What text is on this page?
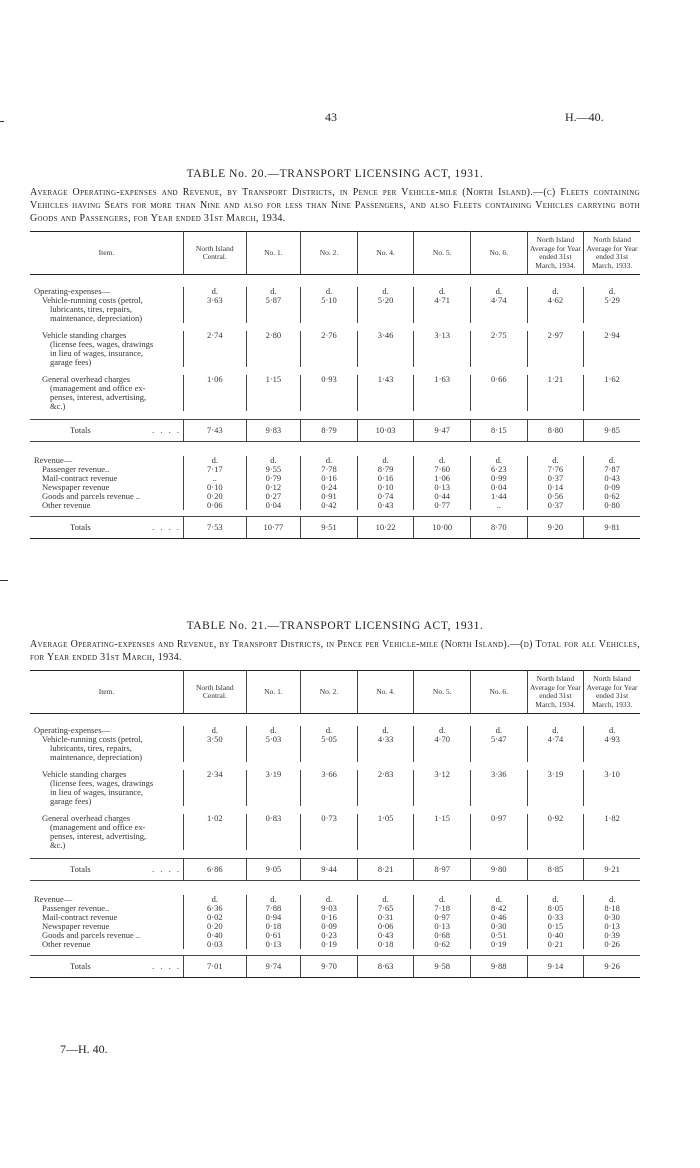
43	H.—40.
TABLE No. 20.—TRANSPORT LICENSING ACT, 1931.
Average Operating-expenses and Revenue, by Transport Districts, in Pence per Vehicle-mile (North Island).—(c) Fleets containing Vehicles having Seats for more than Nine and also for less than Nine Passengers, and also Fleets containing Vehicles carrying both Goods and Passengers, for Year ended 31st March, 1934.
Item.	North Island Central.	No. 1.	No. 2.	No. 4.	No. 5.	No. 6.	North Island Average for Year ended 31st March, 1934.	North Island Average for Year ended 31st March, 1933.

Operating-expenses—	d.	d.	d.	d.	d.	d.	d.	d.

Vehicle-running costs (petrol,
lubricants, tires, repairs,
maintenance, depreciation)	3·63	5·87	5·10	5·20	4·71	4·74	4·62	5·29

Vehicle standing charges
(license fees, wages, drawings
in lieu of wages, insurance,
garage fees)	2·74	2·80	2·76	3·46	3·13	2·75	2·97	2·94

General overhead charges
(management and office ex-
penses, interest, advertising,
&c.)	1·06	1·15	0·93	1·43	1·63	0·66	1·21	1·62

Totals . . . .	7·43	9·83	8·79	10·03	9·47	8·15	8·80	9·85

Revenue—	d.	d.	d.	d.	d.	d.	d.	d.

Passenger revenue..	7·17	9·55	7·78	8·79	7·60	6·23	7·76	7·87

Mail-contract revenue	..	0·79	0·16	0·16	1·06	0·99	0·37	0·43

Newspaper revenue	0·10	0·12	0·24	0·10	0·13	0·04	0·14	0·09

Goods and parcels revenue ..	0·20	0·27	0·91	0·74	0·44	1·44	0·56	0·62

Other revenue	0·06	0·04	0·42	0·43	0·77	..	0·37	0·80

Totals . . . .	7·53	10·77	9·51	10·22	10·00	8·70	9·20	9·81
TABLE No. 21.—TRANSPORT LICENSING ACT, 1931.
Average Operating-expenses and Revenue, by Transport Districts, in Pence per Vehicle-mile (North Island).—(d) Total for all Vehicles, for Year ended 31st March, 1934.
Item.	North Island Central.	No. 1.	No. 2.	No. 4.	No. 5.	No. 6.	North Island Average for Year ended 31st March, 1934.	North Island Average for Year ended 31st March, 1933.

Operating-expenses—	d.	d.	d.	d.	d.	d.	d.	d.

Vehicle-running costs (petrol,
lubricants, tires, repairs,
maintenance, depreciation)	3·50	5·03	5·05	4·33	4·70	5·47	4·74	4·93

Vehicle standing charges
(license fees, wages, drawings
in lieu of wages, insurance,
garage fees)	2·34	3·19	3·66	2·83	3·12	3·36	3·19	3·10

General overhead charges
(management and office ex-
penses, interest, advertising,
&c.)	1·02	0·83	0·73	1·05	1·15	0·97	0·92	1·82

Totals . . . .	6·86	9·05	9·44	8·21	8·97	9·80	8·85	9·21

Revenue—	d.	d.	d.	d.	d.	d.	d.	d.

Passenger revenue..	6·36	7·88	9·03	7·65	7·18	8·42	8·05	8·18

Mail-contract revenue	0·02	0·94	0·16	0·31	0·97	0·46	0·33	0·30

Newspaper revenue	0·20	0·18	0·09	0·06	0·13	0·30	0·15	0·13

Goods and parcels revenue ..	0·40	0·61	0·23	0·43	0·68	0·51	0·40	0·39

Other revenue	0·03	0·13	0·19	0·18	0·62	0·19	0·21	0·26

Totals . . . .	7·01	9·74	9·70	8·63	9·58	9·88	9·14	9·26
7—H. 40.
